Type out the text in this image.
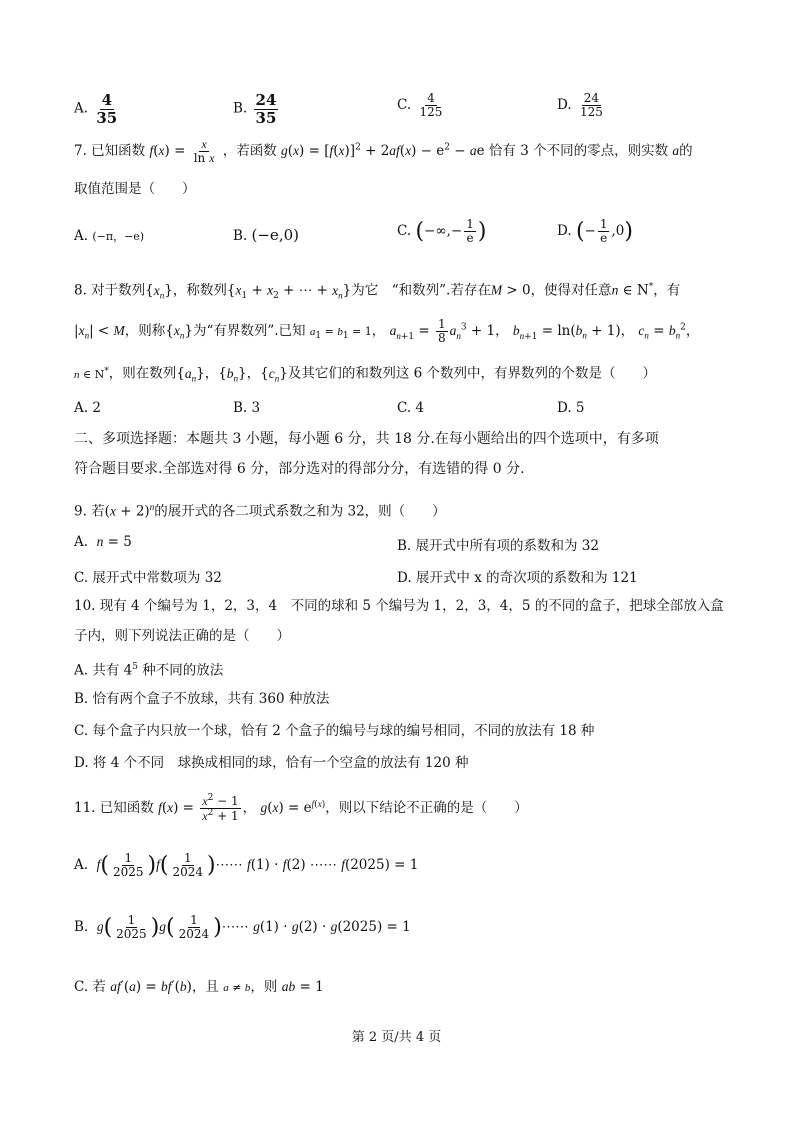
A. $\frac{4}{35}$	B. $\frac{24}{35}$	C. $\frac{4}{125}$	D. $\frac{24}{125}$
7. 已知函数 $f(x) = \frac{x}{\text{ln x}}$ ，若函数 $g(x) = [f(x)]^2 + 2af(x) - e^2$ − ae 恰有 3 个不同的零点，则实数 a的
取值范围是（　　）
A. (−π，−e)	B. (−e,0)	C. (−∞,− $\frac{1}{e}$ )	D. (− $\frac{1}{e} ,0$)
8. 对于数列$\{x_n\}$，称数列{$x_1 + x_2$ + ⋯ + $x_n$}为它　“和数列”.若存在M > 0，使得对任意n ∈ N*，有
$|x_n| < M$，则称$\{x_n\}$为“有界数列”.已知 $a_1 = b_1 = 1$， $a_{n+1} = \frac{1}{8} a_n^3 + 1$， $b_{n+1} = \ln(b_n + 1)$， $c_n = b_n^2$，
n ∈ N*，则在数列$\{a_n\}$，$\{b_n\}$，$\{c_n\}$及其它们的和数列这 6 个数列中，有界数列的个数是（　　）
A. 2	B. 3	C. 4	D. 5
二、多项选择题：本题共 3 小题，每小题 6 分，共 18 分.在每小题给出的四个选项中，有多项
符合题目要求.全部选对得 6 分，部分选对的得部分分，有选错的得 0 分.
9. 若$(x + 2)^n$的展开式的各二项式系数之和为 32，则（　　）
A. n = 5	B. 展开式中所有项的系数和为 32
C. 展开式中常数项为 32	D. 展开式中 x 的奇次项的系数和为 121
10. 现有 4 个编号为 1，2，3，4　不同的球和 5 个编号为 1，2，3，4，5 的不同的盒子，把球全部放入盒
子内，则下列说法正确的是（　　）
A. 共有 $4^5$ 种不同的放法
B. 恰有两个盒子不放球，共有 360 种放法
C. 每个盒子内只放一个球，恰有 2 个盒子的编号与球的编号相同，不同的放法有 18 种
D. 将 4 个不同　球换成相同的球，恰有一个空盒的放法有 120 种
11. 已知函数 $f(x) = \frac{x^2 - 1}{x^2 + 1}$ ， $g(x) = e^{f(x)}$，则以下结论不正确的是（　　）
A. $f( \frac{1}{2025} )f( \frac{1}{2024}$ )⋯⋯ f(1) · f(2) ⋯⋯ f(2025) = 1
B. $g( \frac{1}{2025} )g( \frac{1}{2024}$ )⋯⋯ g(1) · g(2) · g(2025) = 1
C. 若 af′(a) = bf′(b)，且 a ≠ b，则 ab = 1
第 2 页/共 4 页
